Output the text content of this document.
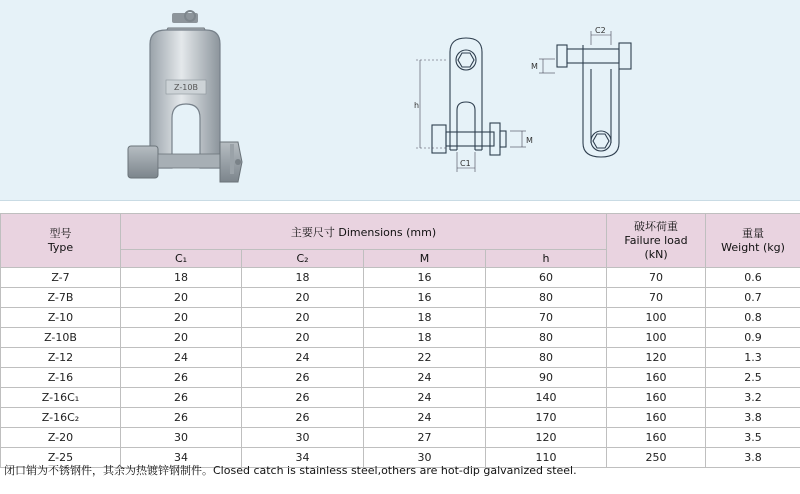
Z-10B
h
C1
M
C2
M
型号
Type	主要尺寸 Dimensions (mm)				破坏荷重
Failure load
(kN)	重量
Weight (kg)

	C₁	C₂	M	h		
Z-7	18	18	16	60	70	0.6
Z-7B	20	20	16	80	70	0.7
Z-10	20	20	18	70	100	0.8
Z-10B	20	20	18	80	100	0.9
Z-12	24	24	22	80	120	1.3
Z-16	26	26	24	90	160	2.5
Z-16C₁	26	26	24	140	160	3.2
Z-16C₂	26	26	24	170	160	3.8
Z-20	30	30	27	120	160	3.5
Z-25	34	34	30	110	250	3.8
闭口销为不锈钢件，其余为热镀锌钢制件。Closed catch is stainless steel,others are hot-dip galvanized steel.
